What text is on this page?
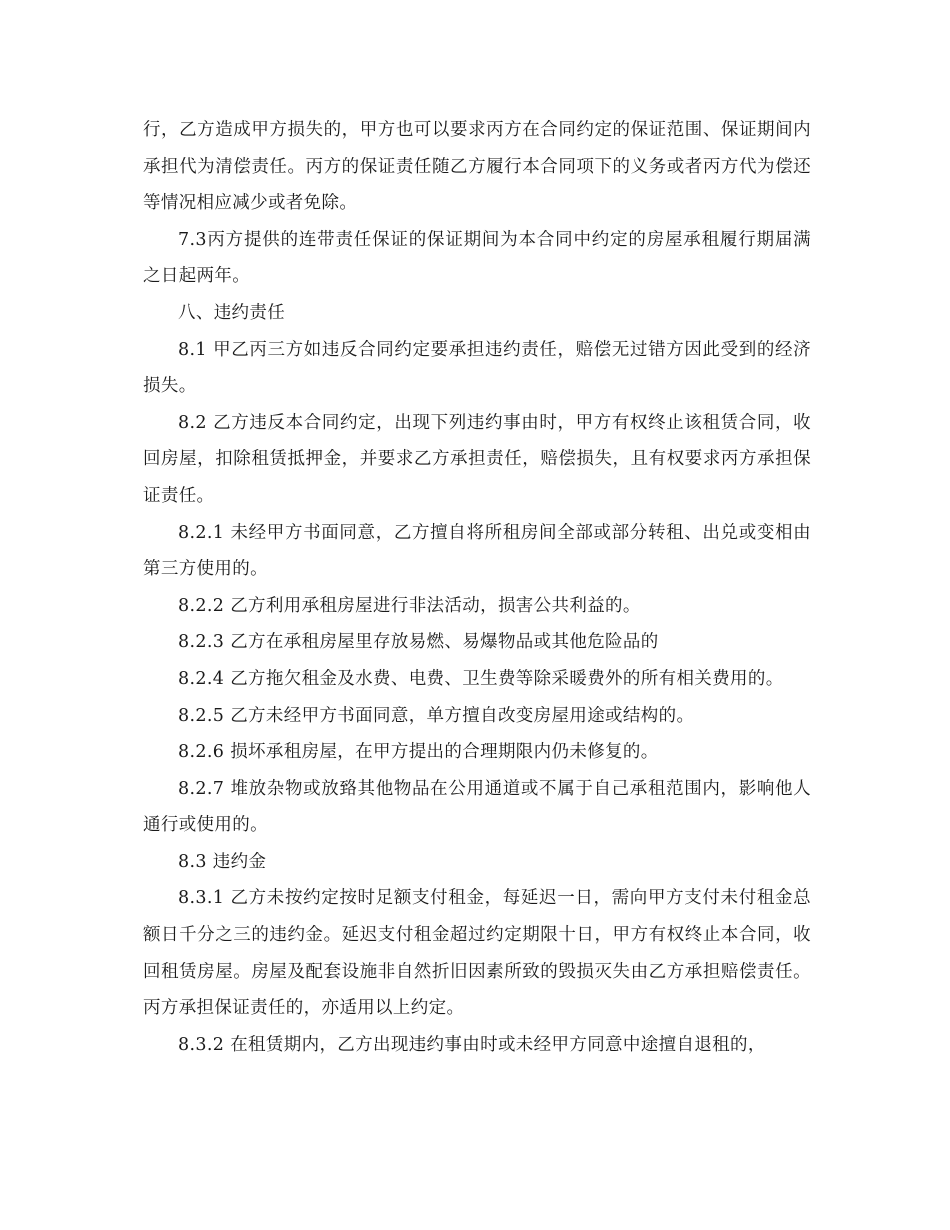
行，乙方造成甲方损失的，甲方也可以要求丙方在合同约定的保证范围、保证期间内承担代为清偿责任。丙方的保证责任随乙方履行本合同项下的义务或者丙方代为偿还等情况相应减少或者免除。

7.3丙方提供的连带责任保证的保证期间为本合同中约定的房屋承租履行期届满之日起两年。

八、违约责任

8.1 甲乙丙三方如违反合同约定要承担违约责任，赔偿无过错方因此受到的经济损失。

8.2 乙方违反本合同约定，出现下列违约事由时，甲方有权终止该租赁合同，收回房屋，扣除租赁抵押金，并要求乙方承担责任，赔偿损失，且有权要求丙方承担保证责任。

8.2.1 未经甲方书面同意，乙方擅自将所租房间全部或部分转租、出兑或变相由第三方使用的。

8.2.2 乙方利用承租房屋进行非法活动，损害公共利益的。

8.2.3 乙方在承租房屋里存放易燃、易爆物品或其他危险品的

8.2.4 乙方拖欠租金及水费、电费、卫生费等除采暖费外的所有相关费用的。

8.2.5 乙方未经甲方书面同意，单方擅自改变房屋用途或结构的。

8.2.6 损坏承租房屋，在甲方提出的合理期限内仍未修复的。

8.2.7 堆放杂物或放臵其他物品在公用通道或不属于自己承租范围内，影响他人通行或使用的。

8.3 违约金

8.3.1 乙方未按约定按时足额支付租金，每延迟一日，需向甲方支付未付租金总额日千分之三的违约金。延迟支付租金超过约定期限十日，甲方有权终止本合同，收回租赁房屋。房屋及配套设施非自然折旧因素所致的毁损灭失由乙方承担赔偿责任。丙方承担保证责任的，亦适用以上约定。

8.3.2 在租赁期内，乙方出现违约事由时或未经甲方同意中途擅自退租的，
